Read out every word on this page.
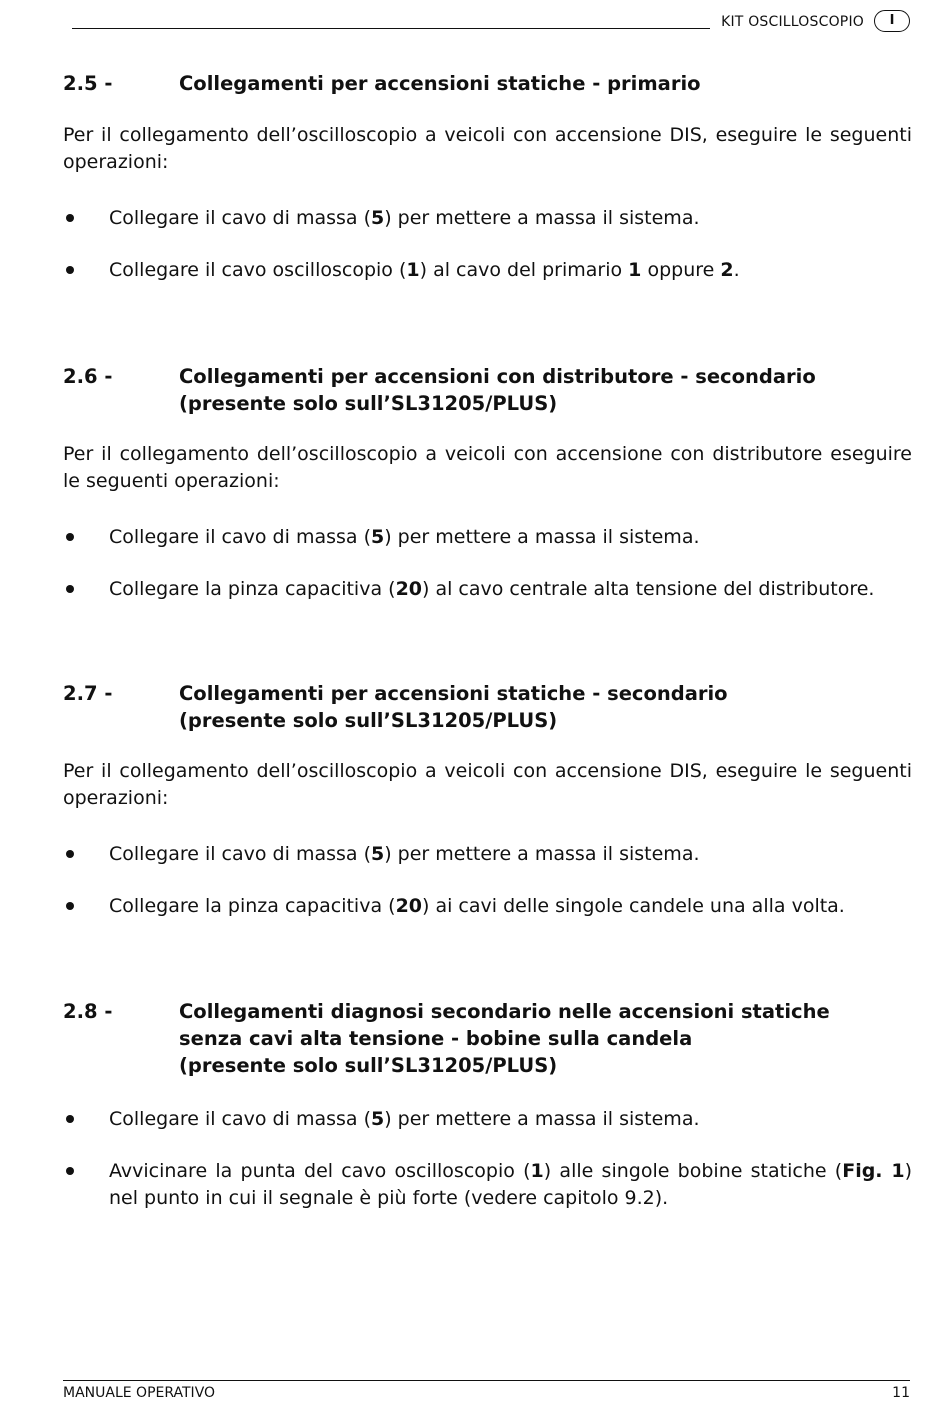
KIT OSCILLOSCOPIO	I
2.5 -	Collegamenti per accensioni statiche - primario

Per il collegamento dell’oscilloscopio a veicoli con accensione DIS, eseguire le seguenti operazioni:

Collegare il cavo di massa (5) per mettere a massa il sistema.
Collegare il cavo oscilloscopio (1) al cavo del primario 1 oppure 2.
2.6 -	Collegamenti per accensioni con distributore - secondario
(presente solo sull’SL31205/PLUS)

Per il collegamento dell’oscilloscopio a veicoli con accensione con distributore eseguire le seguenti operazioni:

Collegare il cavo di massa (5) per mettere a massa il sistema.
Collegare la pinza capacitiva (20) al cavo centrale alta tensione del distributore.
2.7 -	Collegamenti per accensioni statiche - secondario
(presente solo sull’SL31205/PLUS)

Per il collegamento dell’oscilloscopio a veicoli con accensione DIS, eseguire le seguenti operazioni:

Collegare il cavo di massa (5) per mettere a massa il sistema.
Collegare la pinza capacitiva (20) ai cavi delle singole candele una alla volta.
2.8 -	Collegamenti diagnosi secondario nelle accensioni statiche
senza cavi alta tensione - bobine sulla candela
(presente solo sull’SL31205/PLUS)
Collegare il cavo di massa (5) per mettere a massa il sistema.
Avvicinare la punta del cavo oscilloscopio (1) alle singole bobine statiche (Fig. 1) nel punto in cui il segnale è più forte (vedere capitolo 9.2).
MANUALE OPERATIVO	11
